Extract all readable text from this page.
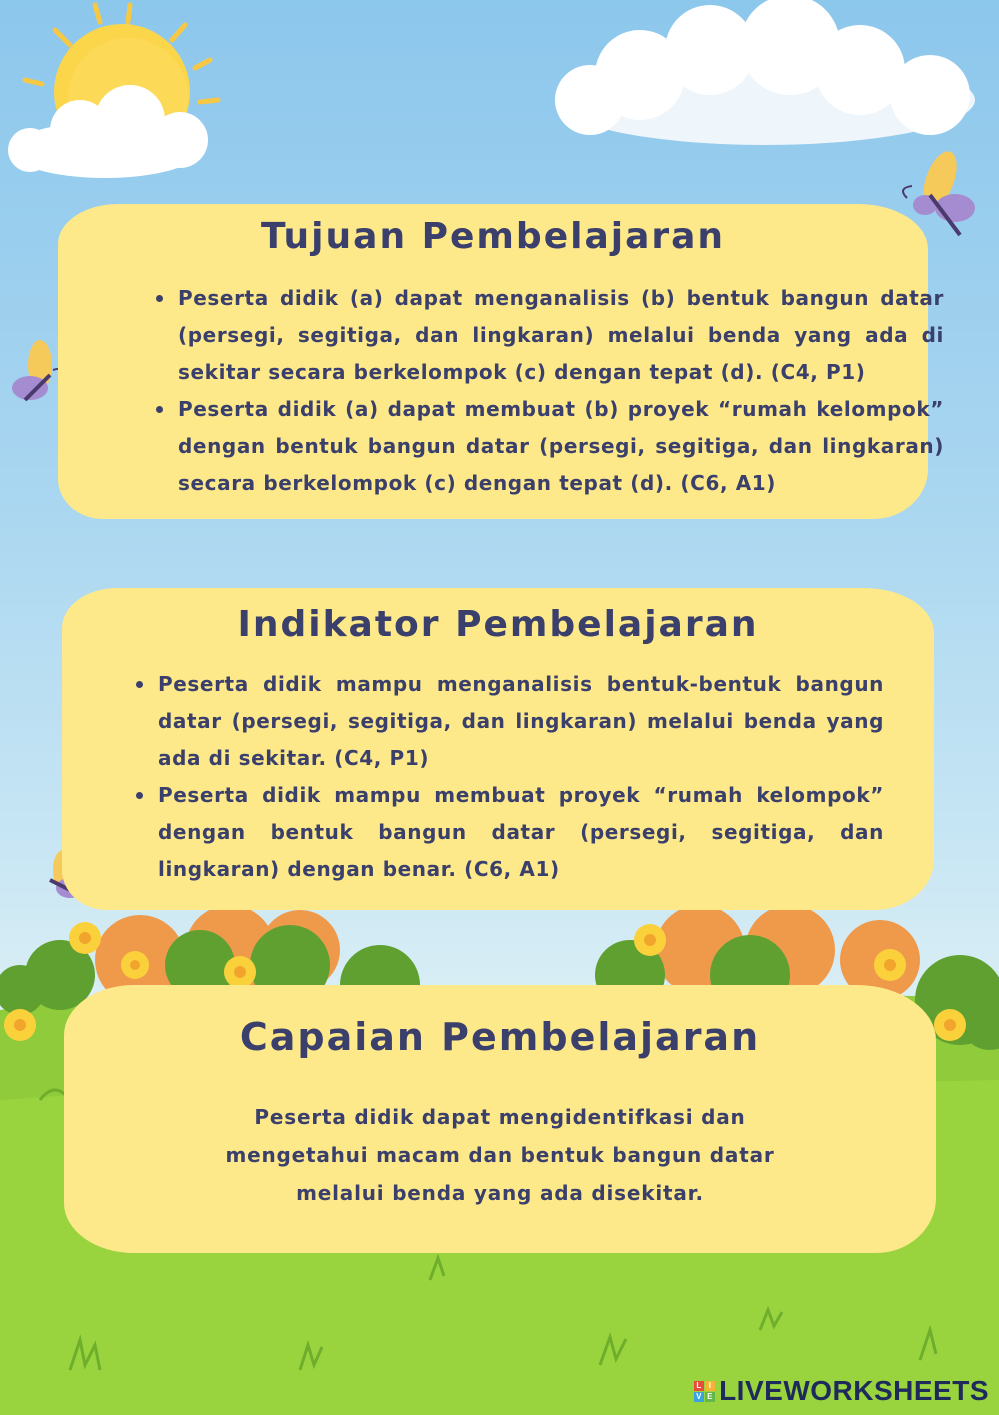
Tujuan Pembelajaran
Peserta didik (a) dapat menganalisis (b) bentuk bangun datar (persegi, segitiga, dan lingkaran) melalui benda yang ada di sekitar secara berkelompok (c) dengan tepat (d). (C4, P1)
Peserta didik (a) dapat membuat (b) proyek “rumah kelompok” dengan bentuk bangun datar (persegi, segitiga, dan lingkaran) secara berkelompok (c) dengan tepat (d). (C6, A1)
Indikator Pembelajaran
Peserta didik mampu menganalisis bentuk-bentuk bangun datar (persegi, segitiga, dan lingkaran) melalui benda yang ada di sekitar. (C4, P1)
Peserta didik mampu membuat proyek “rumah kelompok” dengan bentuk bangun datar (persegi, segitiga, dan lingkaran) dengan benar. (C6, A1)
Capaian Pembelajaran

Peserta didik dapat mengidentifkasi dan mengetahui macam dan bentuk bangun datar melalui benda yang ada disekitar.

L I
V E LIVEWORKSHEETS
